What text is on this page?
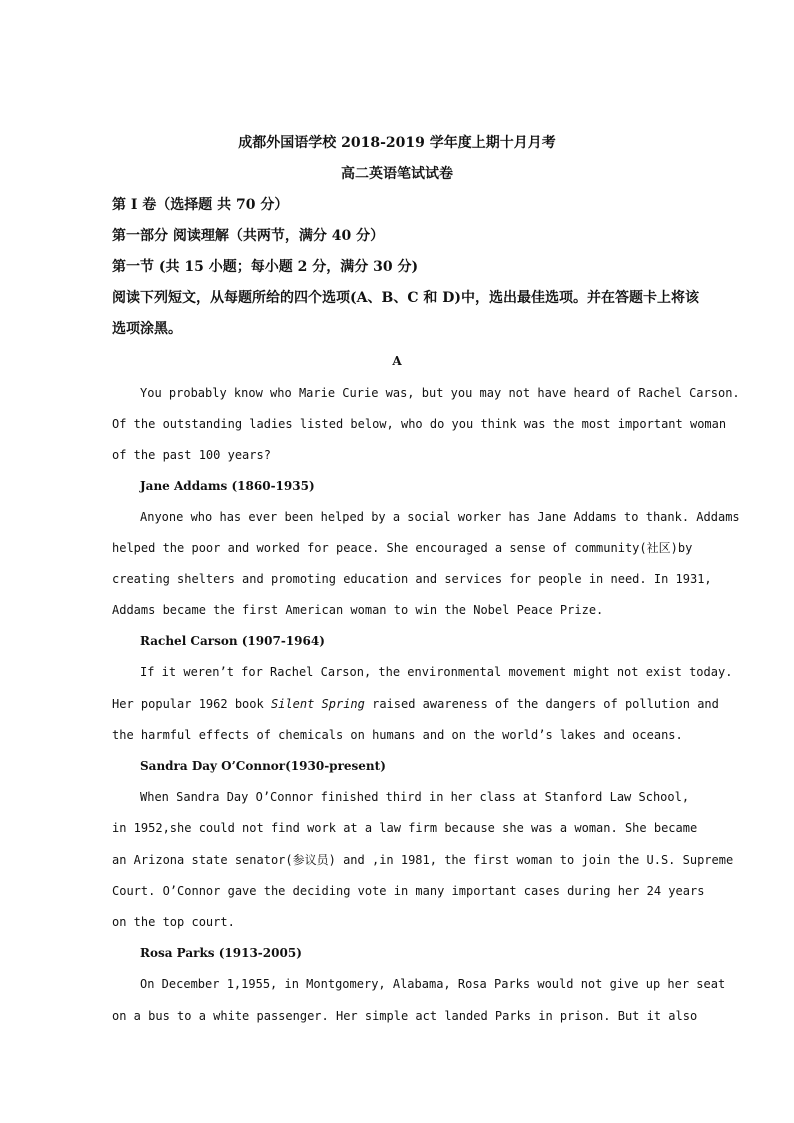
成都外国语学校 2018-2019 学年度上期十月月考
高二英语笔试试卷
第 I 卷（选择题 共 70 分）
第一部分 阅读理解（共两节，满分 40 分）
第一节 (共 15 小题；每小题 2 分，满分 30 分)
阅读下列短文，从每题所给的四个选项(A、B、C 和 D)中，选出最佳选项。并在答题卡上将该
选项涂黑。
A
You probably know who Marie Curie was, but you may not have heard of Rachel Carson.
Of the outstanding ladies listed below, who do you think was the most important woman
of the past 100 years?
Jane Addams (1860-1935)
Anyone who has ever been helped by a social worker has Jane Addams to thank. Addams
helped the poor and worked for peace. She encouraged a sense of community(社区)by
creating shelters and promoting education and services for people in need. In 1931,
Addams became the first American woman to win the Nobel Peace Prize.
Rachel Carson (1907-1964)
If it weren’t for Rachel Carson, the environmental movement might not exist today.
Her popular 1962 book Silent Spring raised awareness of the dangers of pollution and
the harmful effects of chemicals on humans and on the world’s lakes and oceans.
Sandra Day O’Connor(1930-present)
When Sandra Day O’Connor finished third in her class at Stanford Law School,
in 1952,she could not find work at a law firm because she was a woman. She became
an Arizona state senator(参议员) and ,in 1981, the first woman to join the U.S. Supreme
Court. O’Connor gave the deciding vote in many important cases during her 24 years
on the top court.
Rosa Parks (1913-2005)
On December 1,1955, in Montgomery, Alabama, Rosa Parks would not give up her seat
on a bus to a white passenger. Her simple act landed Parks in prison. But it also
